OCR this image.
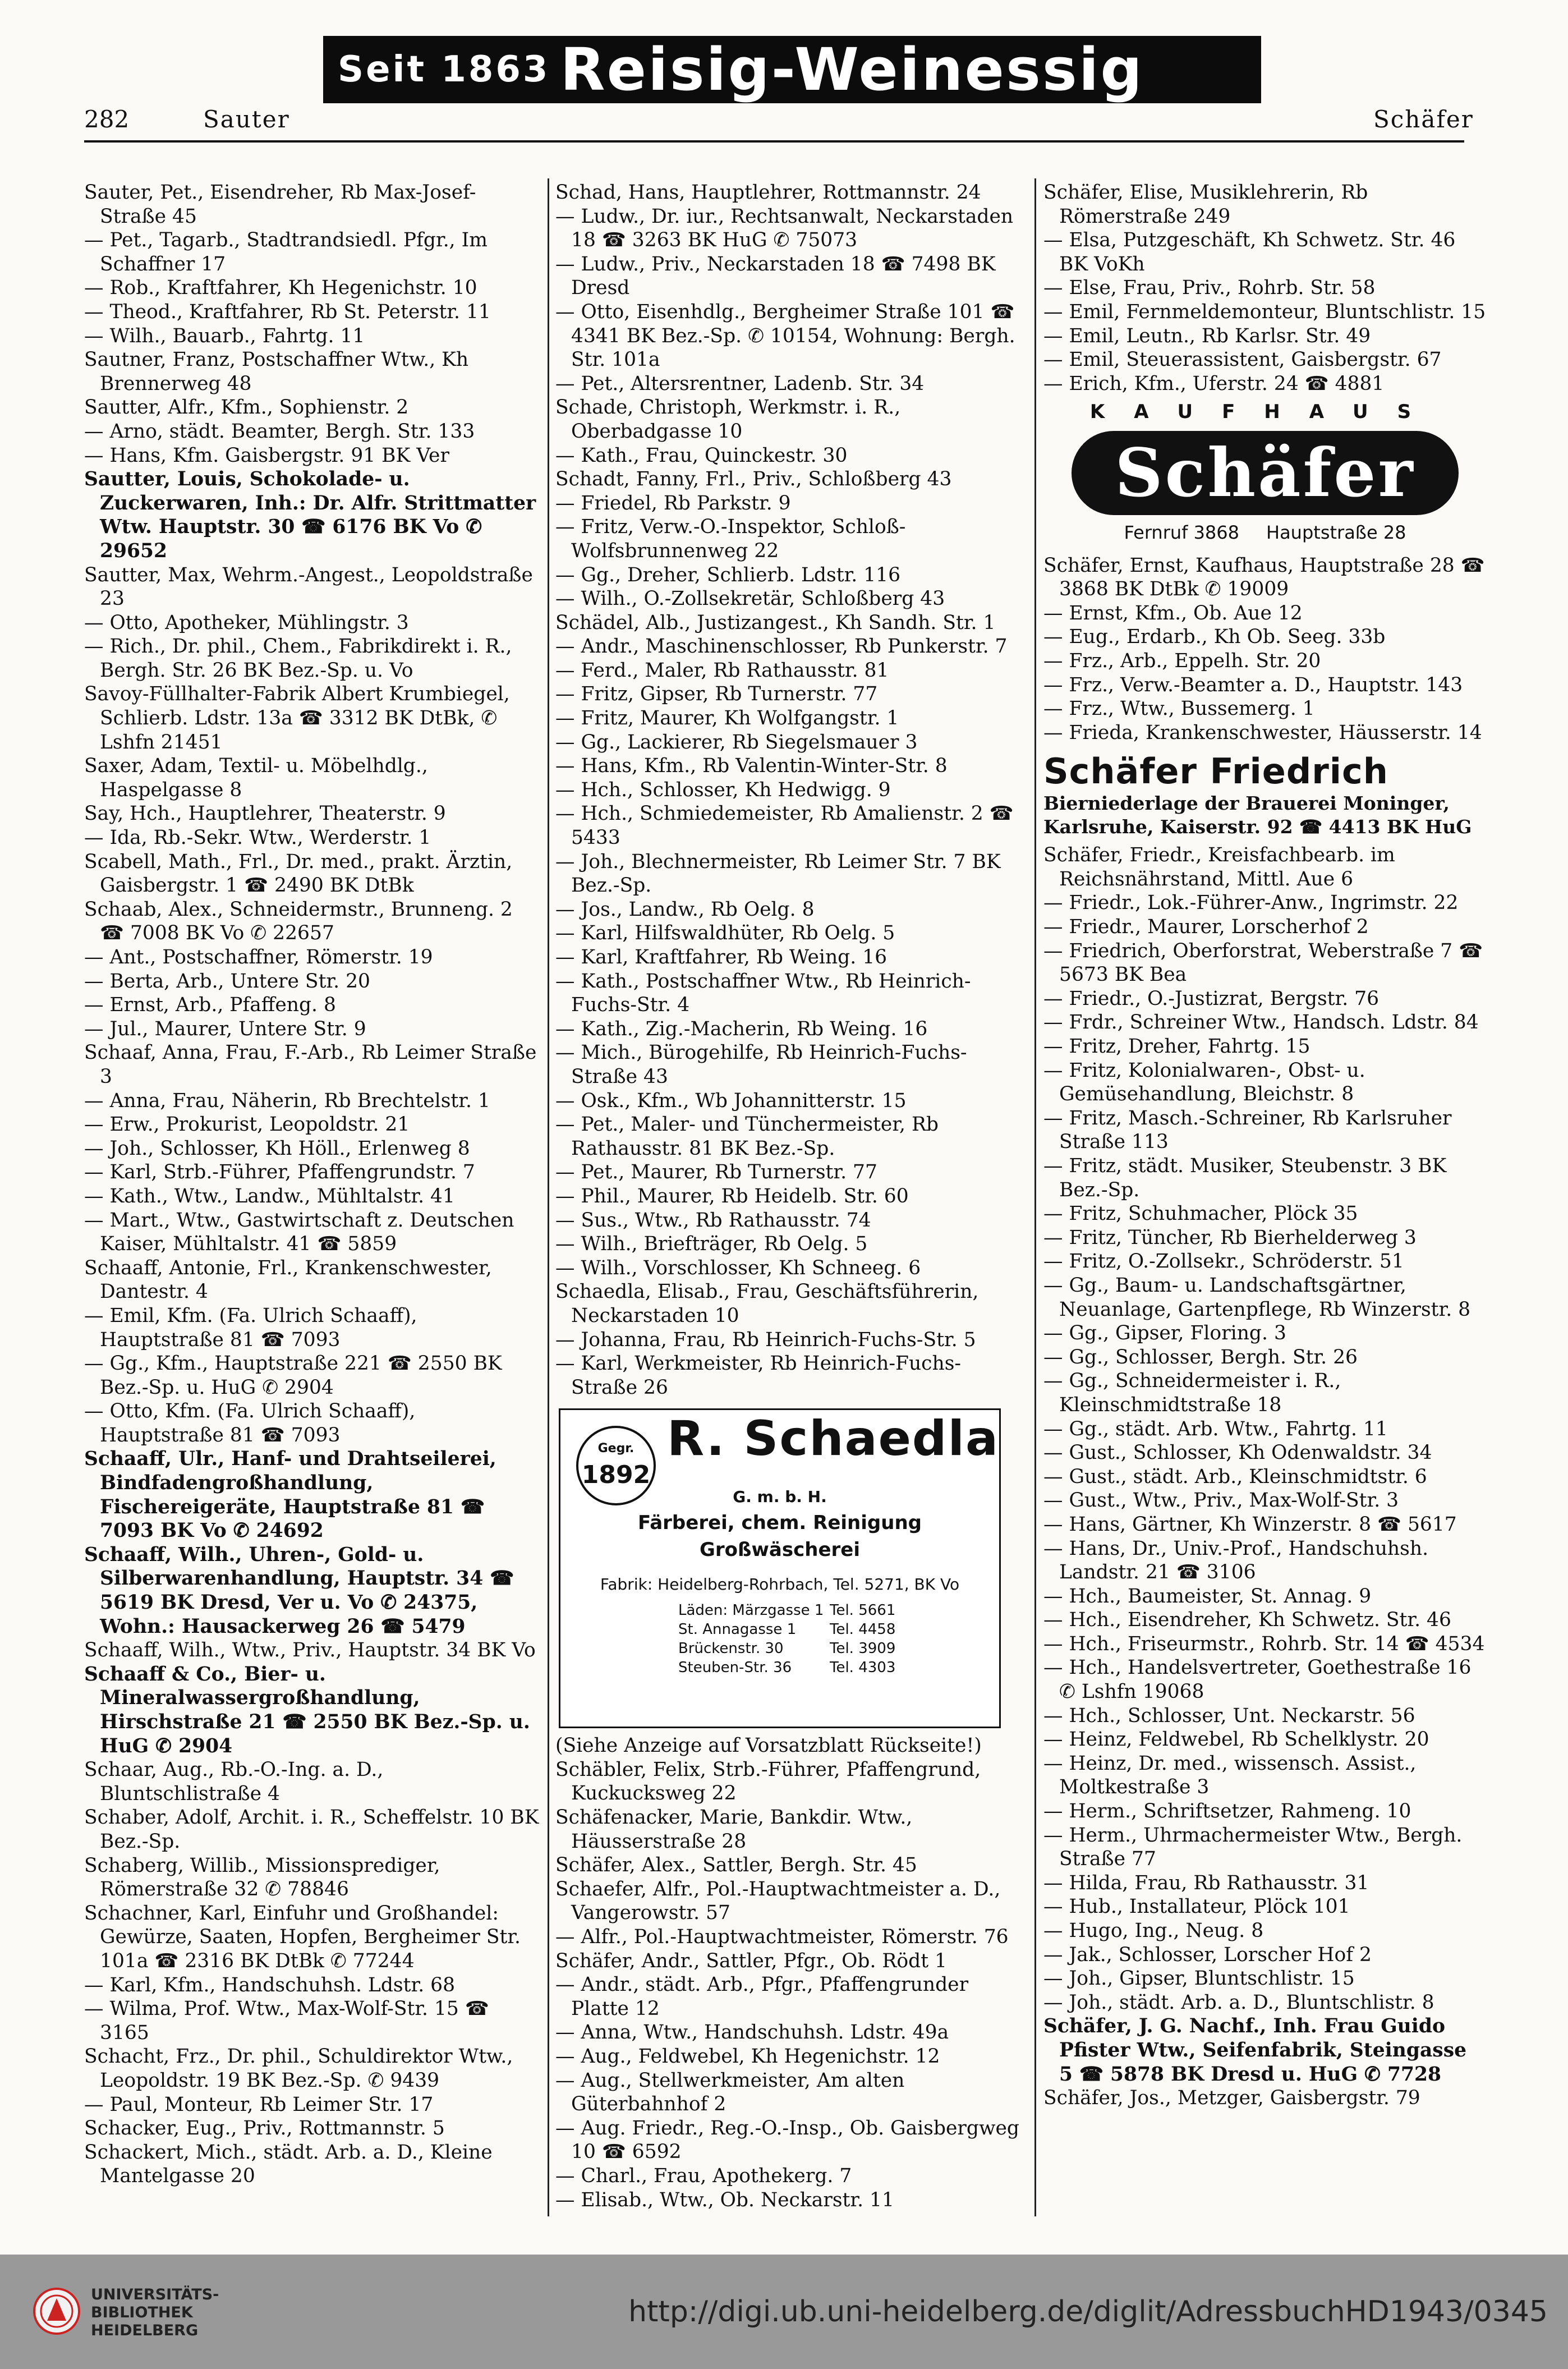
Seit 1863 Reisig-Weinessig
282	Sauter	Schäfer
Sauter, Pet., Eisendreher, Rb Max-Josef-Straße 45
— Pet., Tagarb., Stadtrandsiedl. Pfgr., Im Schaffner 17
— Rob., Kraftfahrer, Kh Hegenichstr. 10
— Theod., Kraftfahrer, Rb St. Peterstr. 11
— Wilh., Bauarb., Fahrtg. 11
Sautner, Franz, Postschaffner Wtw., Kh Brennerweg 48
Sautter, Alfr., Kfm., Sophienstr. 2
— Arno, städt. Beamter, Bergh. Str. 133
— Hans, Kfm. Gaisbergstr. 91 BK Ver
Sautter, Louis, Schokolade- u. Zuckerwaren, Inh.: Dr. Alfr. Strittmatter Wtw. Hauptstr. 30 ☎ 6176 BK Vo ✆ 29652
Sautter, Max, Wehrm.-Angest., Leopoldstraße 23
— Otto, Apotheker, Mühlingstr. 3
— Rich., Dr. phil., Chem., Fabrikdirekt i. R., Bergh. Str. 26 BK Bez.-Sp. u. Vo
Savoy-Füllhalter-Fabrik Albert Krumbiegel, Schlierb. Ldstr. 13a ☎ 3312 BK DtBk, ✆ Lshfn 21451
Saxer, Adam, Textil- u. Möbelhdlg., Haspelgasse 8
Say, Hch., Hauptlehrer, Theaterstr. 9
— Ida, Rb.-Sekr. Wtw., Werderstr. 1
Scabell, Math., Frl., Dr. med., prakt. Ärztin, Gaisbergstr. 1 ☎ 2490 BK DtBk
Schaab, Alex., Schneidermstr., Brunneng. 2 ☎ 7008 BK Vo ✆ 22657
— Ant., Postschaffner, Römerstr. 19
— Berta, Arb., Untere Str. 20
— Ernst, Arb., Pfaffeng. 8
— Jul., Maurer, Untere Str. 9
Schaaf, Anna, Frau, F.-Arb., Rb Leimer Straße 3
— Anna, Frau, Näherin, Rb Brechtelstr. 1
— Erw., Prokurist, Leopoldstr. 21
— Joh., Schlosser, Kh Höll., Erlenweg 8
— Karl, Strb.-Führer, Pfaffengrundstr. 7
— Kath., Wtw., Landw., Mühltalstr. 41
— Mart., Wtw., Gastwirtschaft z. Deutschen Kaiser, Mühltalstr. 41 ☎ 5859
Schaaff, Antonie, Frl., Krankenschwester, Dantestr. 4
— Emil, Kfm. (Fa. Ulrich Schaaff), Hauptstraße 81 ☎ 7093
— Gg., Kfm., Hauptstraße 221 ☎ 2550 BK Bez.-Sp. u. HuG ✆ 2904
— Otto, Kfm. (Fa. Ulrich Schaaff), Hauptstraße 81 ☎ 7093
Schaaff, Ulr., Hanf- und Drahtseilerei, Bindfadengroßhandlung, Fischereigeräte, Hauptstraße 81 ☎ 7093 BK Vo ✆ 24692
Schaaff, Wilh., Uhren-, Gold- u. Silberwarenhandlung, Hauptstr. 34 ☎ 5619 BK Dresd, Ver u. Vo ✆ 24375, Wohn.: Hausackerweg 26 ☎ 5479
Schaaff, Wilh., Wtw., Priv., Hauptstr. 34 BK Vo
Schaaff & Co., Bier- u. Mineralwassergroßhandlung, Hirschstraße 21 ☎ 2550 BK Bez.-Sp. u. HuG ✆ 2904
Schaar, Aug., Rb.-O.-Ing. a. D., Bluntschlistraße 4
Schaber, Adolf, Archit. i. R., Scheffelstr. 10 BK Bez.-Sp.
Schaberg, Willib., Missionsprediger, Römerstraße 32 ✆ 78846
Schachner, Karl, Einfuhr und Großhandel: Gewürze, Saaten, Hopfen, Bergheimer Str. 101a ☎ 2316 BK DtBk ✆ 77244
— Karl, Kfm., Handschuhsh. Ldstr. 68
— Wilma, Prof. Wtw., Max-Wolf-Str. 15 ☎ 3165
Schacht, Frz., Dr. phil., Schuldirektor Wtw., Leopoldstr. 19 BK Bez.-Sp. ✆ 9439
— Paul, Monteur, Rb Leimer Str. 17
Schacker, Eug., Priv., Rottmannstr. 5
Schackert, Mich., städt. Arb. a. D., Kleine Mantelgasse 20
Schad, Hans, Hauptlehrer, Rottmannstr. 24
— Ludw., Dr. iur., Rechtsanwalt, Neckarstaden 18 ☎ 3263 BK HuG ✆ 75073
— Ludw., Priv., Neckarstaden 18 ☎ 7498 BK Dresd
— Otto, Eisenhdlg., Bergheimer Straße 101 ☎ 4341 BK Bez.-Sp. ✆ 10154, Wohnung: Bergh. Str. 101a
— Pet., Altersrentner, Ladenb. Str. 34
Schade, Christoph, Werkmstr. i. R., Oberbadgasse 10
— Kath., Frau, Quinckestr. 30
Schadt, Fanny, Frl., Priv., Schloßberg 43
— Friedel, Rb Parkstr. 9
— Fritz, Verw.-O.-Inspektor, Schloß-Wolfsbrunnenweg 22
— Gg., Dreher, Schlierb. Ldstr. 116
— Wilh., O.-Zollsekretär, Schloßberg 43
Schädel, Alb., Justizangest., Kh Sandh. Str. 1
— Andr., Maschinenschlosser, Rb Punkerstr. 7
— Ferd., Maler, Rb Rathausstr. 81
— Fritz, Gipser, Rb Turnerstr. 77
— Fritz, Maurer, Kh Wolfgangstr. 1
— Gg., Lackierer, Rb Siegelsmauer 3
— Hans, Kfm., Rb Valentin-Winter-Str. 8
— Hch., Schlosser, Kh Hedwigg. 9
— Hch., Schmiedemeister, Rb Amalienstr. 2 ☎ 5433
— Joh., Blechnermeister, Rb Leimer Str. 7 BK Bez.-Sp.
— Jos., Landw., Rb Oelg. 8
— Karl, Hilfswaldhüter, Rb Oelg. 5
— Karl, Kraftfahrer, Rb Weing. 16
— Kath., Postschaffner Wtw., Rb Heinrich-Fuchs-Str. 4
— Kath., Zig.-Macherin, Rb Weing. 16
— Mich., Bürogehilfe, Rb Heinrich-Fuchs-Straße 43
— Osk., Kfm., Wb Johannitterstr. 15
— Pet., Maler- und Tünchermeister, Rb Rathausstr. 81 BK Bez.-Sp.
— Pet., Maurer, Rb Turnerstr. 77
— Phil., Maurer, Rb Heidelb. Str. 60
— Sus., Wtw., Rb Rathausstr. 74
— Wilh., Briefträger, Rb Oelg. 5
— Wilh., Vorschlosser, Kh Schneeg. 6
Schaedla, Elisab., Frau, Geschäftsführerin, Neckarstaden 10
— Johanna, Frau, Rb Heinrich-Fuchs-Str. 5
— Karl, Werkmeister, Rb Heinrich-Fuchs-Straße 26
Gegr.
1892
R. Schaedla
G. m. b. H.
Färberei, chem. Reinigung
Großwäscherei
Fabrik: Heidelberg-Rohrbach, Tel. 5271, BK Vo
Läden: Märzgasse 1 Tel. 5661
St. Annagasse 1 Tel. 4458
Brückenstr. 30	Tel. 3909
Steuben-Str. 36	Tel. 4303
(Siehe Anzeige auf Vorsatzblatt Rückseite!)
Schäbler, Felix, Strb.-Führer, Pfaffengrund, Kuckucksweg 22
Schäfenacker, Marie, Bankdir. Wtw., Häusserstraße 28
Schäfer, Alex., Sattler, Bergh. Str. 45
Schaefer, Alfr., Pol.-Hauptwachtmeister a. D., Vangerowstr. 57
— Alfr., Pol.-Hauptwachtmeister, Römerstr. 76
Schäfer, Andr., Sattler, Pfgr., Ob. Rödt 1
— Andr., städt. Arb., Pfgr., Pfaffengrunder Platte 12
— Anna, Wtw., Handschuhsh. Ldstr. 49a
— Aug., Feldwebel, Kh Hegenichstr. 12
— Aug., Stellwerkmeister, Am alten Güterbahnhof 2
— Aug. Friedr., Reg.-O.-Insp., Ob. Gaisbergweg 10 ☎ 6592
— Charl., Frau, Apothekerg. 7
— Elisab., Wtw., Ob. Neckarstr. 11
Schäfer, Elise, Musiklehrerin, Rb Römerstraße 249
— Elsa, Putzgeschäft, Kh Schwetz. Str. 46 BK VoKh
— Else, Frau, Priv., Rohrb. Str. 58
— Emil, Fernmeldemonteur, Bluntschlistr. 15
— Emil, Leutn., Rb Karlsr. Str. 49
— Emil, Steuerassistent, Gaisbergstr. 67
— Erich, Kfm., Uferstr. 24 ☎ 4881
KAUFHAUS
Schäfer
Fernruf 3868 Hauptstraße 28
Schäfer, Ernst, Kaufhaus, Hauptstraße 28 ☎ 3868 BK DtBk ✆ 19009
— Ernst, Kfm., Ob. Aue 12
— Eug., Erdarb., Kh Ob. Seeg. 33b
— Frz., Arb., Eppelh. Str. 20
— Frz., Verw.-Beamter a. D., Hauptstr. 143
— Frz., Wtw., Bussemerg. 1
— Frieda, Krankenschwester, Häusserstr. 14
Schäfer Friedrich
Bierniederlage der Brauerei Moninger, Karlsruhe, Kaiserstr. 92 ☎ 4413 BK HuG
Schäfer, Friedr., Kreisfachbearb. im Reichsnährstand, Mittl. Aue 6
— Friedr., Lok.-Führer-Anw., Ingrimstr. 22
— Friedr., Maurer, Lorscherhof 2
— Friedrich, Oberforstrat, Weberstraße 7 ☎ 5673 BK Bea
— Friedr., O.-Justizrat, Bergstr. 76
— Frdr., Schreiner Wtw., Handsch. Ldstr. 84
— Fritz, Dreher, Fahrtg. 15
— Fritz, Kolonialwaren-, Obst- u. Gemüsehandlung, Bleichstr. 8
— Fritz, Masch.-Schreiner, Rb Karlsruher Straße 113
— Fritz, städt. Musiker, Steubenstr. 3 BK Bez.-Sp.
— Fritz, Schuhmacher, Plöck 35
— Fritz, Tüncher, Rb Bierhelderweg 3
— Fritz, O.-Zollsekr., Schröderstr. 51
— Gg., Baum- u. Landschaftsgärtner, Neuanlage, Gartenpflege, Rb Winzerstr. 8
— Gg., Gipser, Floring. 3
— Gg., Schlosser, Bergh. Str. 26
— Gg., Schneidermeister i. R., Kleinschmidtstraße 18
— Gg., städt. Arb. Wtw., Fahrtg. 11
— Gust., Schlosser, Kh Odenwaldstr. 34
— Gust., städt. Arb., Kleinschmidtstr. 6
— Gust., Wtw., Priv., Max-Wolf-Str. 3
— Hans, Gärtner, Kh Winzerstr. 8 ☎ 5617
— Hans, Dr., Univ.-Prof., Handschuhsh. Landstr. 21 ☎ 3106
— Hch., Baumeister, St. Annag. 9
— Hch., Eisendreher, Kh Schwetz. Str. 46
— Hch., Friseurmstr., Rohrb. Str. 14 ☎ 4534
— Hch., Handelsvertreter, Goethestraße 16 ✆ Lshfn 19068
— Hch., Schlosser, Unt. Neckarstr. 56
— Heinz, Feldwebel, Rb Schelklystr. 20
— Heinz, Dr. med., wissensch. Assist., Moltkestraße 3
— Herm., Schriftsetzer, Rahmeng. 10
— Herm., Uhrmachermeister Wtw., Bergh. Straße 77
— Hilda, Frau, Rb Rathausstr. 31
— Hub., Installateur, Plöck 101
— Hugo, Ing., Neug. 8
— Jak., Schlosser, Lorscher Hof 2
— Joh., Gipser, Bluntschlistr. 15
— Joh., städt. Arb. a. D., Bluntschlistr. 8
Schäfer, J. G. Nachf., Inh. Frau Guido Pfister Wtw., Seifenfabrik, Steingasse 5 ☎ 5878 BK Dresd u. HuG ✆ 7728
Schäfer, Jos., Metzger, Gaisbergstr. 79
UNIVERSITÄTS-
BIBLIOTHEK
HEIDELBERG
http://digi.ub.uni-heidelberg.de/diglit/AdressbuchHD1943/0345
